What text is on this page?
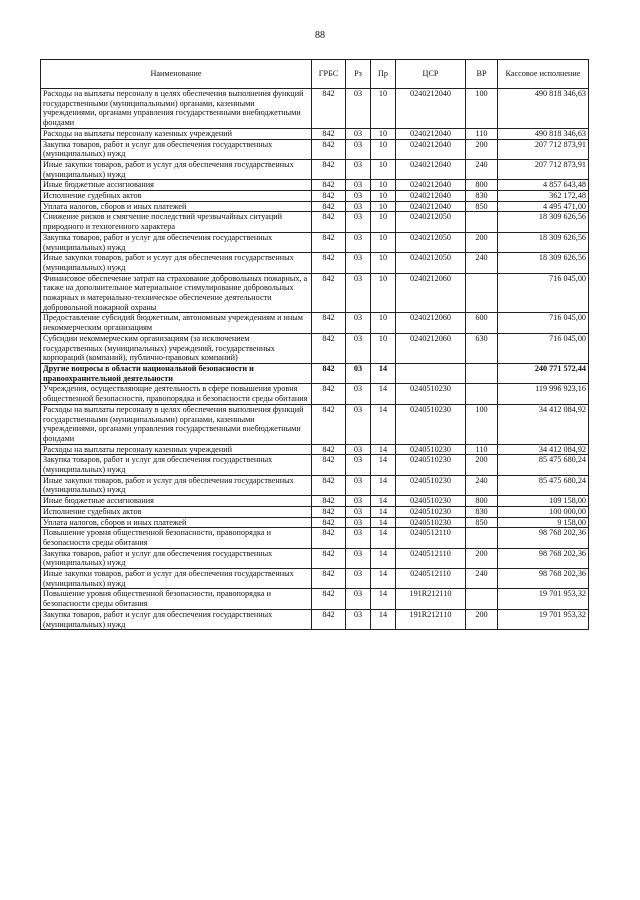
88
Наименование	ГРБС	Рз	Пр	ЦСР	ВР	Кассовое исполнение
Расходы на выплаты персоналу в целях обеспечения выполнения функций государственными (муниципальными) органами, казенными учреждениями, органами управления государственными внебюджетными фондами	842	03	10	0240212040	100	490 818 346,63
Расходы на выплаты персоналу казенных учреждений	842	03	10	0240212040	110	490 818 346,63
Закупка товаров, работ и услуг для обеспечения государственных (муниципальных) нужд	842	03	10	0240212040	200	207 712 873,91
Иные закупки товаров, работ и услуг для обеспечения государственных (муниципальных) нужд	842	03	10	0240212040	240	207 712 873,91
Иные бюджетные ассигнования	842	03	10	0240212040	800	4 857 643,48
Исполнение судебных актов	842	03	10	0240212040	830	362 172,48
Уплата налогов, сборов и иных платежей	842	03	10	0240212040	850	4 495 471,00
Снижение рисков и смягчение последствий чрезвычайных ситуаций природного и техногенного характера	842	03	10	0240212050		18 309 626,56
Закупка товаров, работ и услуг для обеспечения государственных (муниципальных) нужд	842	03	10	0240212050	200	18 309 626,56
Иные закупки товаров, работ и услуг для обеспечения государственных (муниципальных) нужд	842	03	10	0240212050	240	18 309 626,56
Финансовое обеспечение затрат на страхование добровольных пожарных, а также на дополнительное материальное стимулирование добровольных пожарных и материально-техническое обеспечение деятельности добровольной пожарной охраны	842	03	10	0240212060		716 045,00
Предоставление субсидий бюджетным, автономным учреждениям и иным некоммерческим организациям	842	03	10	0240212060	600	716 045,00
Субсидии некоммерческим организациям (за исключением государственных (муниципальных) учреждений, государственных корпораций (компаний), публично-правовых компаний)	842	03	10	0240212060	630	716 045,00
Другие вопросы в области национальной безопасности и правоохранительной деятельности	842	03	14			240 771 572,44
Учреждения, осуществляющие деятельность в сфере повышения уровня общественной безопасности, правопорядка и безопасности среды обитания	842	03	14	0240510230		119 996 923,16
Расходы на выплаты персоналу в целях обеспечения выполнения функций государственными (муниципальными) органами, казенными учреждениями, органами управления государственными внебюджетными фондами	842	03	14	0240510230	100	34 412 084,92
Расходы на выплаты персоналу казенных учреждений	842	03	14	0240510230	110	34 412 084,92
Закупка товаров, работ и услуг для обеспечения государственных (муниципальных) нужд	842	03	14	0240510230	200	85 475 680,24
Иные закупки товаров, работ и услуг для обеспечения государственных (муниципальных) нужд	842	03	14	0240510230	240	85 475 680,24
Иные бюджетные ассигнования	842	03	14	0240510230	800	109 158,00
Исполнение судебных актов	842	03	14	0240510230	830	100 000,00
Уплата налогов, сборов и иных платежей	842	03	14	0240510230	850	9 158,00
Повышение уровня общественной безопасности, правопорядка и безопасности среды обитания	842	03	14	0240512110		98 768 202,36
Закупка товаров, работ и услуг для обеспечения государственных (муниципальных) нужд	842	03	14	0240512110	200	98 768 202,36
Иные закупки товаров, работ и услуг для обеспечения государственных (муниципальных) нужд	842	03	14	0240512110	240	98 768 202,36
Повышение уровня общественной безопасности, правопорядка и безопасности среды обитания	842	03	14	191R212110		19 701 953,32
Закупка товаров, работ и услуг для обеспечения государственных (муниципальных) нужд	842	03	14	191R212110	200	19 701 953,32
